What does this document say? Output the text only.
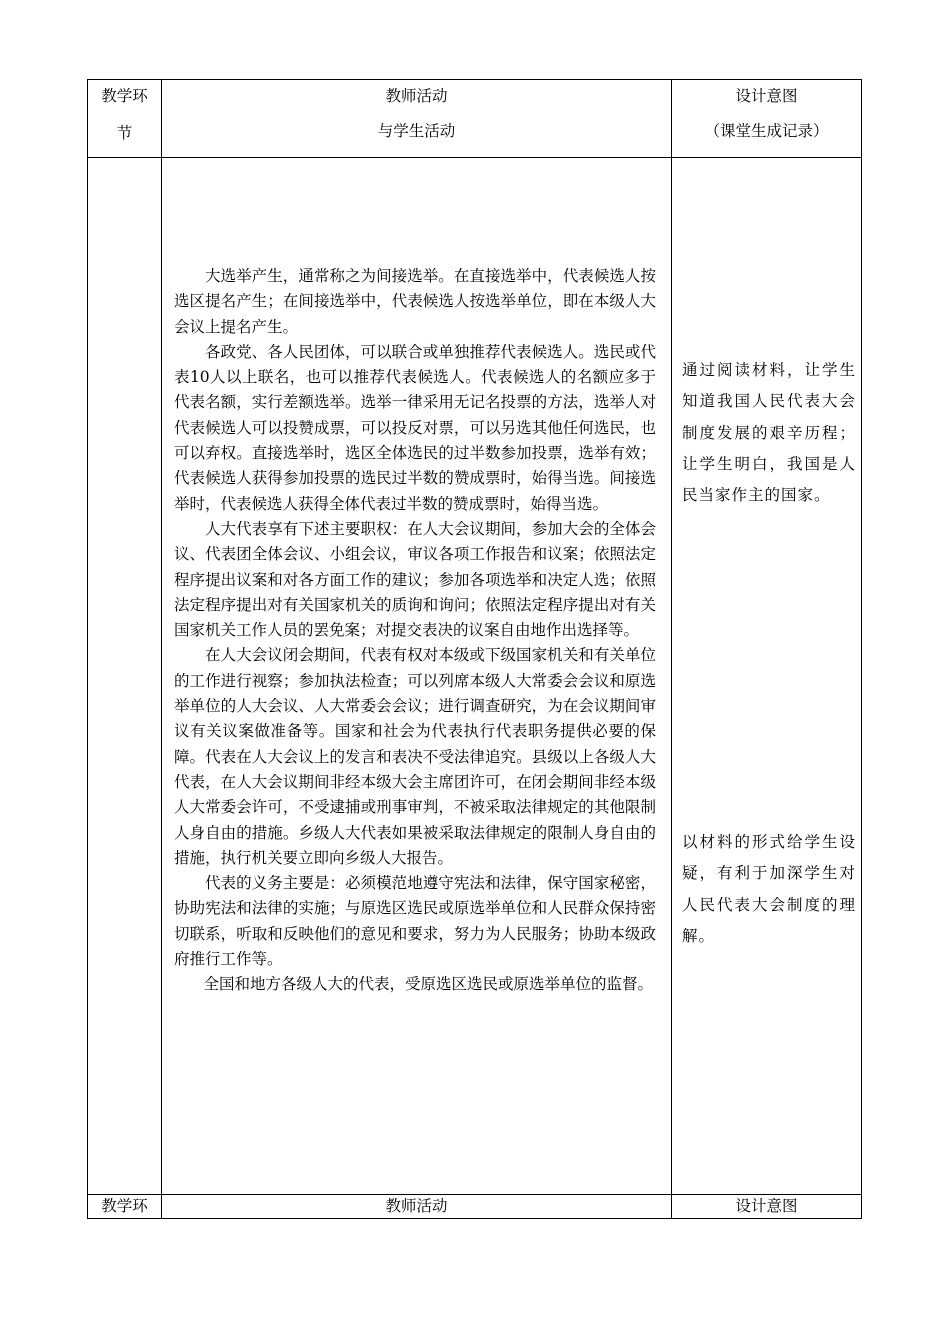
教学环
节
教师活动
与学生活动
设计意图
（课堂生成记录）

大选举产生，通常称之为间接选举。在直接选举中，代表候选人按选区提名产生；在间接选举中，代表候选人按选举单位，即在本级人大会议上提名产生。

各政党、各人民团体，可以联合或单独推荐代表候选人。选民或代表10人以上联名，也可以推荐代表候选人。代表候选人的名额应多于代表名额，实行差额选举。选举一律采用无记名投票的方法，选举人对代表候选人可以投赞成票，可以投反对票，可以另选其他任何选民，也可以弃权。直接选举时，选区全体选民的过半数参加投票，选举有效；代表候选人获得参加投票的选民过半数的赞成票时，始得当选。间接选举时，代表候选人获得全体代表过半数的赞成票时，始得当选。

人大代表享有下述主要职权：在人大会议期间，参加大会的全体会议、代表团全体会议、小组会议，审议各项工作报告和议案；依照法定程序提出议案和对各方面工作的建议；参加各项选举和决定人选；依照法定程序提出对有关国家机关的质询和询问；依照法定程序提出对有关国家机关工作人员的罢免案；对提交表决的议案自由地作出选择等。

在人大会议闭会期间，代表有权对本级或下级国家机关和有关单位的工作进行视察；参加执法检查；可以列席本级人大常委会会议和原选举单位的人大会议、人大常委会会议；进行调查研究，为在会议期间审议有关议案做准备等。国家和社会为代表执行代表职务提供必要的保障。代表在人大会议上的发言和表决不受法律追究。县级以上各级人大代表，在人大会议期间非经本级大会主席团许可，在闭会期间非经本级人大常委会许可，不受逮捕或刑事审判，不被采取法律规定的其他限制人身自由的措施。乡级人大代表如果被采取法律规定的限制人身自由的措施，执行机关要立即向乡级人大报告。

代表的义务主要是：必须模范地遵守宪法和法律，保守国家秘密，协助宪法和法律的实施；与原选区选民或原选举单位和人民群众保持密切联系，听取和反映他们的意见和要求，努力为人民服务；协助本级政府推行工作等。

全国和地方各级人大的代表，受原选区选民或原选举单位的监督。

通过阅读材料，让学生知道我国人民代表大会制度发展的艰辛历程；让学生明白，我国是人民当家作主的国家。

以材料的形式给学生设疑，有利于加深学生对人民代表大会制度的理解。

教学环	教师活动	设计意图
